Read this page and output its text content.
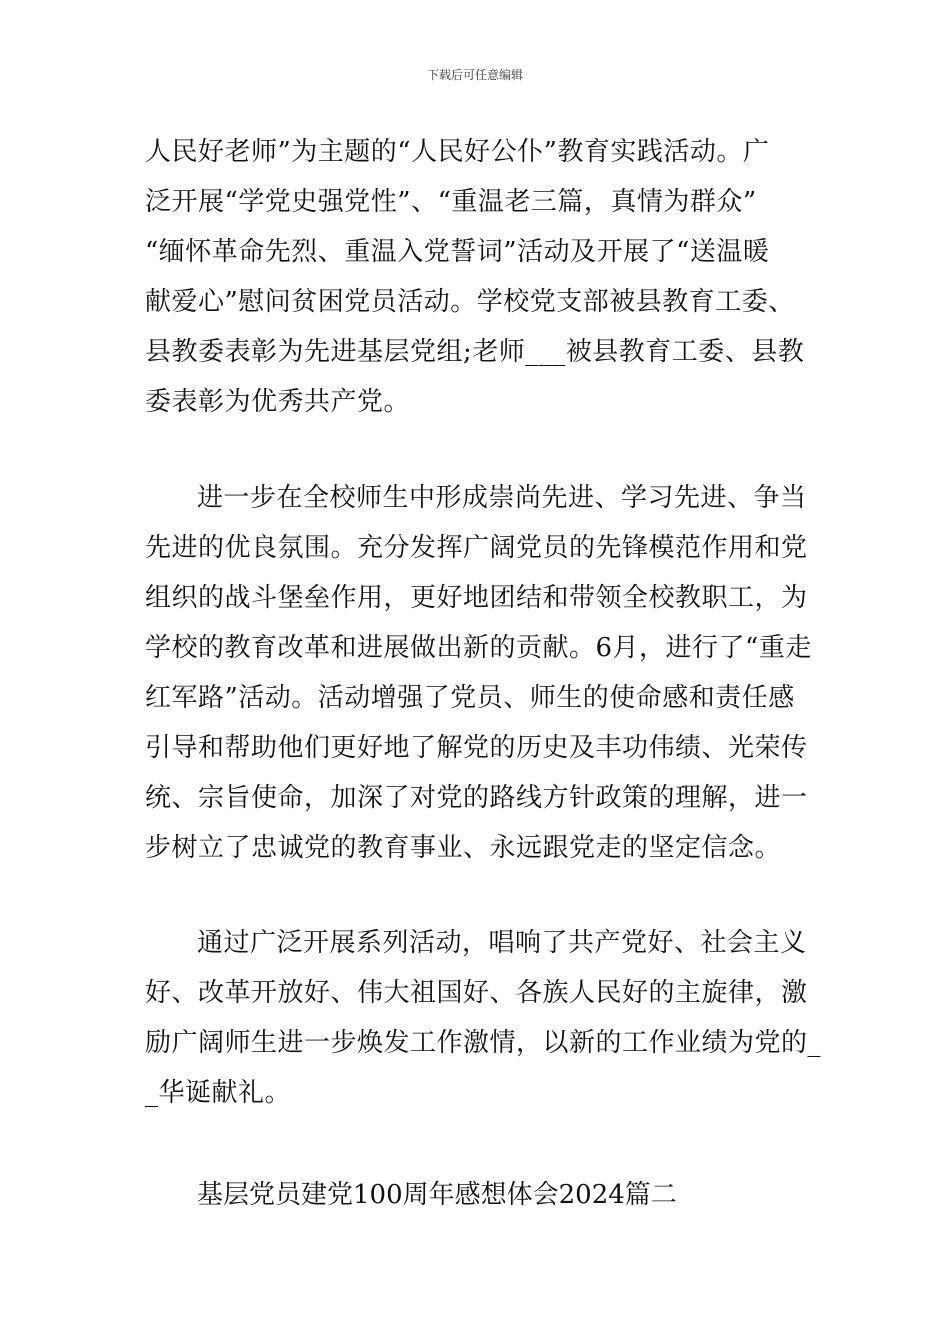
下载后可任意编辑
人民好老师”为主题的“人民好公仆”教育实践活动。广
泛开展“学党史强党性”、“重温老三篇，真情为群众”
“缅怀革命先烈、重温入党誓词”活动及开展了“送温暖
献爱心”慰问贫困党员活动。学校党支部被县教育工委、
县教委表彰为先进基层党组;老师___被县教育工委、县教
委表彰为优秀共产党。
进一步在全校师生中形成崇尚先进、学习先进、争当
先进的优良氛围。充分发挥广阔党员的先锋模范作用和党
组织的战斗堡垒作用，更好地团结和带领全校教职工，为
学校的教育改革和进展做出新的贡献。6月，进行了“重走
红军路”活动。活动增强了党员、师生的使命感和责任感
引导和帮助他们更好地了解党的历史及丰功伟绩、光荣传
统、宗旨使命，加深了对党的路线方针政策的理解，进一
步树立了忠诚党的教育事业、永远跟党走的坚定信念。
通过广泛开展系列活动，唱响了共产党好、社会主义
好、改革开放好、伟大祖国好、各族人民好的主旋律，激
励广阔师生进一步焕发工作激情，以新的工作业绩为党的_
_华诞献礼。
基层党员建党100周年感想体会2024篇二
